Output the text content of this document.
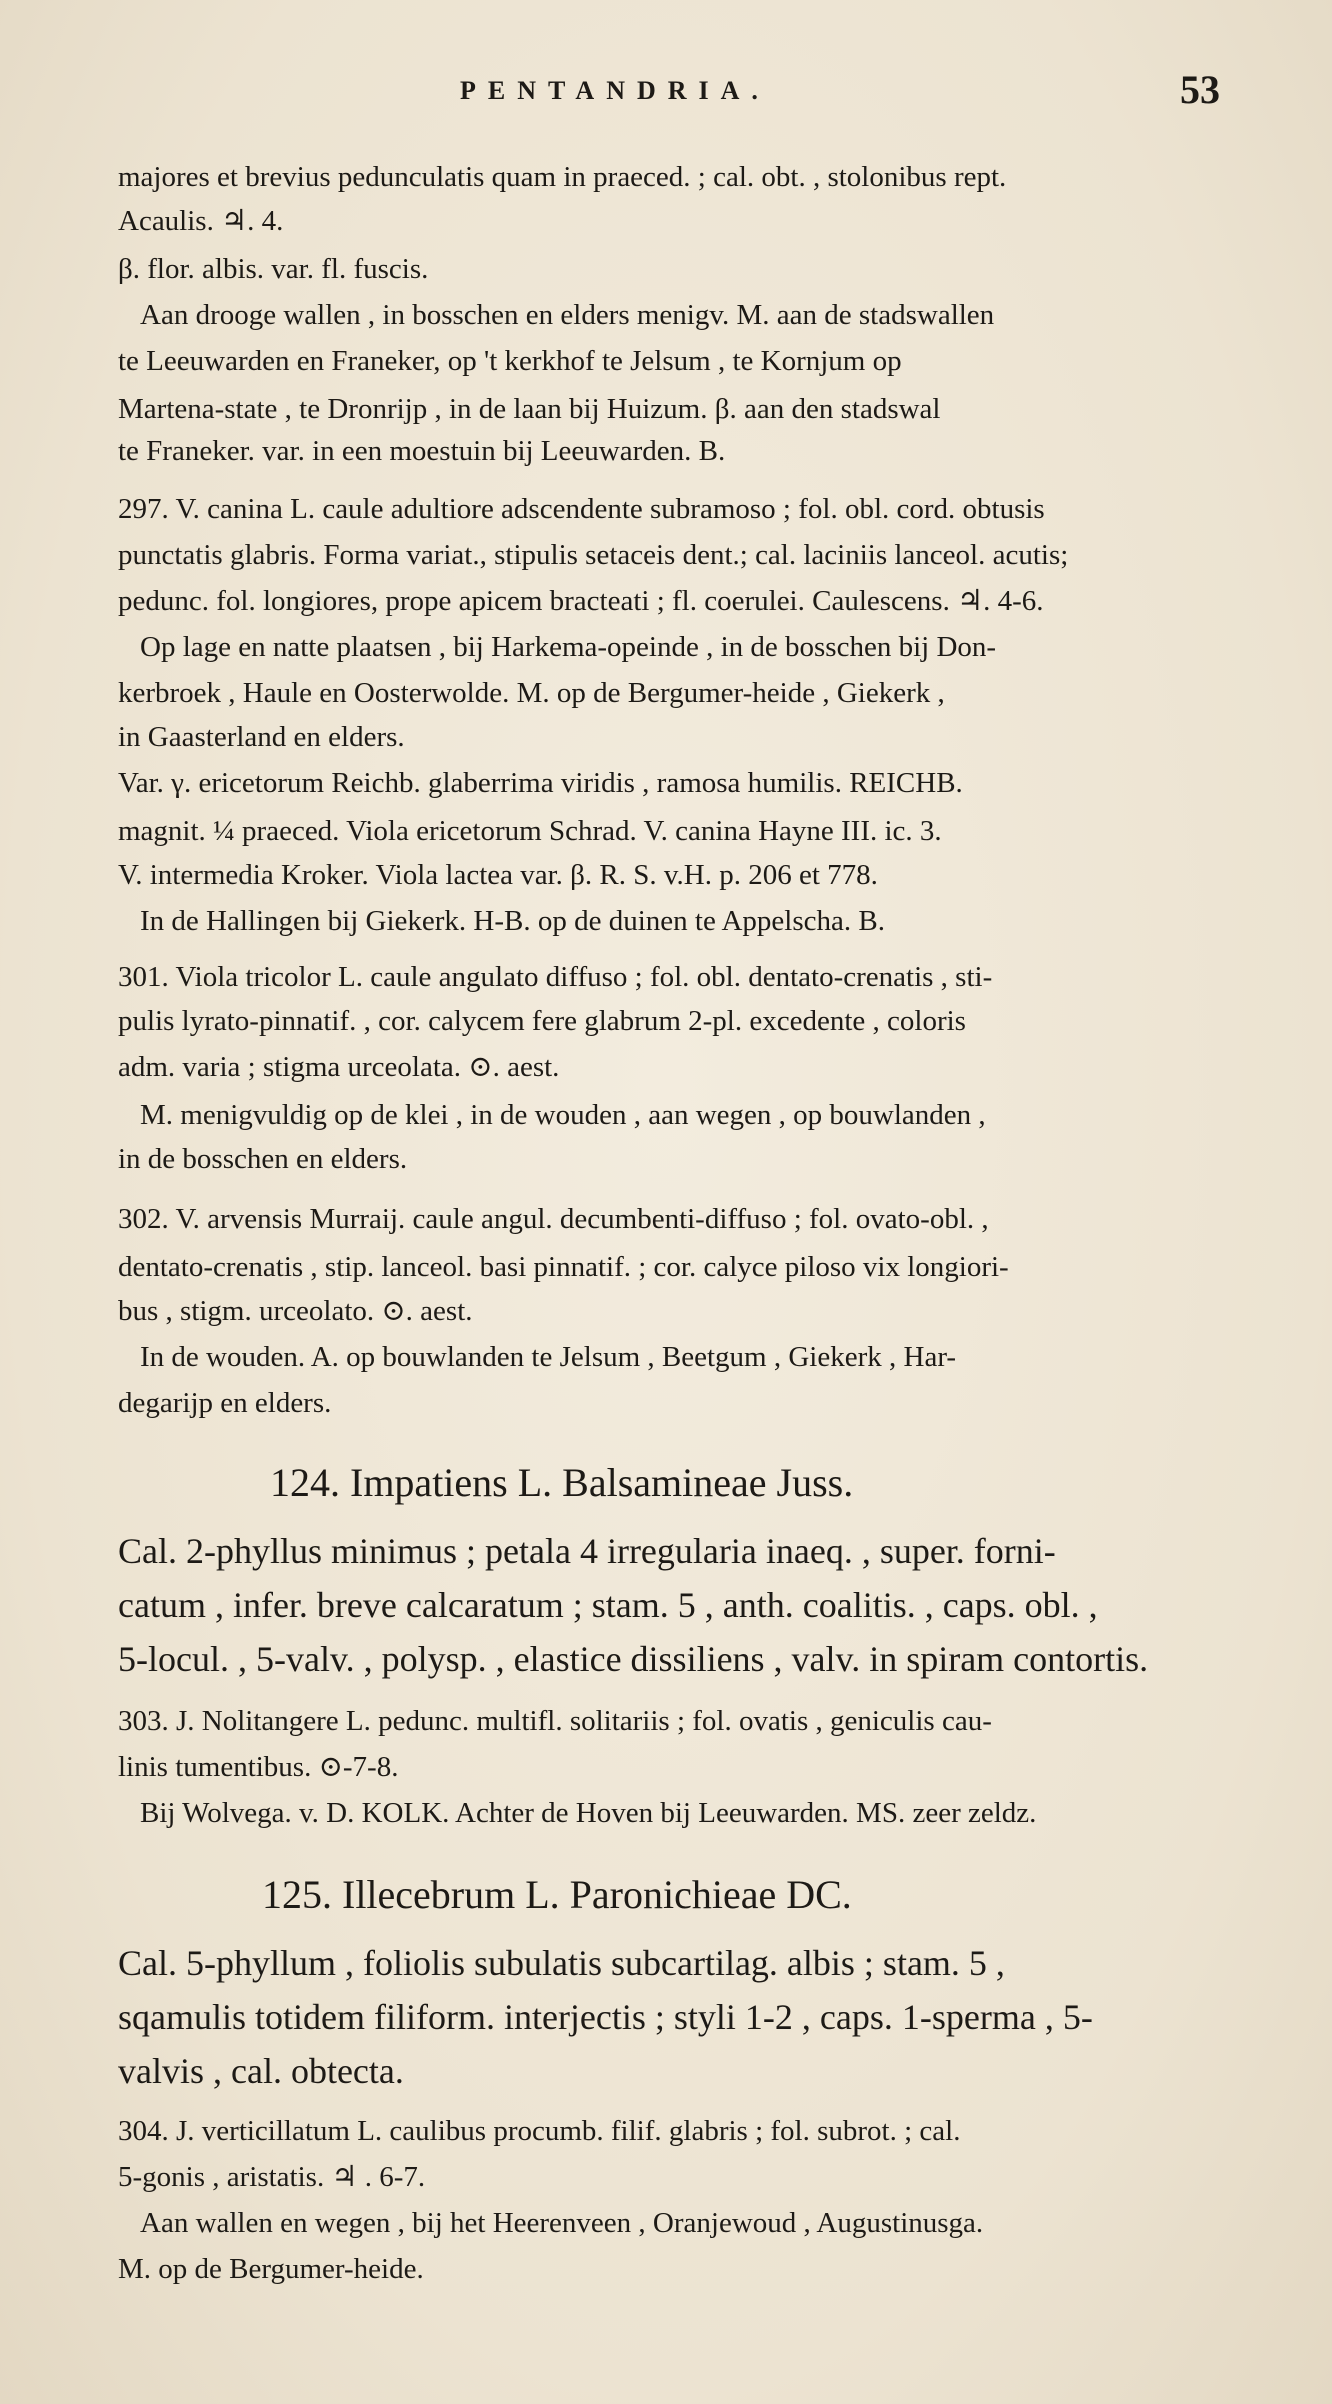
PENTANDRIA.	53
majores et brevius pedunculatis quam in praeced. ; cal. obt. , stolonibus rept.
Acaulis. ♃. 4.
β. flor. albis. var. fl. fuscis.
Aan drooge wallen , in bosschen en elders menigv. M. aan de stadswallen
te Leeuwarden en Franeker, op 't kerkhof te Jelsum , te Kornjum op
Martena-state , te Dronrijp , in de laan bij Huizum. β. aan den stadswal
te Franeker. var. in een moestuin bij Leeuwarden. B.
297. V. canina L. caule adultiore adscendente subramoso ; fol. obl. cord. obtusis
punctatis glabris. Forma variat., stipulis setaceis dent.; cal. laciniis lanceol. acutis;
pedunc. fol. longiores, prope apicem bracteati ; fl. coerulei. Caulescens. ♃. 4-6.
Op lage en natte plaatsen , bij Harkema-opeinde , in de bosschen bij Don-
kerbroek , Haule en Oosterwolde. M. op de Bergumer-heide , Giekerk ,
in Gaasterland en elders.
Var. γ. ericetorum Reichb. glaberrima viridis , ramosa humilis. REICHB.
magnit. ¼ praeced. Viola ericetorum Schrad. V. canina Hayne III. ic. 3.
V. intermedia Kroker. Viola lactea var. β. R. S. v.H. p. 206 et 778.
In de Hallingen bij Giekerk. H-B. op de duinen te Appelscha. B.
301. Viola tricolor L. caule angulato diffuso ; fol. obl. dentato-crenatis , sti-
pulis lyrato-pinnatif. , cor. calycem fere glabrum 2-pl. excedente , coloris
adm. varia ; stigma urceolata. ⊙. aest.
M. menigvuldig op de klei , in de wouden , aan wegen , op bouwlanden ,
in de bosschen en elders.
302. V. arvensis Murraij. caule angul. decumbenti-diffuso ; fol. ovato-obl. ,
dentato-crenatis , stip. lanceol. basi pinnatif. ; cor. calyce piloso vix longiori-
bus , stigm. urceolato. ⊙. aest.
In de wouden. A. op bouwlanden te Jelsum , Beetgum , Giekerk , Har-
degarijp en elders.
124. Impatiens L. Balsamineae Juss.
Cal. 2-phyllus minimus ; petala 4 irregularia inaeq. , super. forni-
catum , infer. breve calcaratum ; stam. 5 , anth. coalitis. , caps. obl. ,
5-locul. , 5-valv. , polysp. , elastice dissiliens , valv. in spiram contortis.
303. J. Nolitangere L. pedunc. multifl. solitariis ; fol. ovatis , geniculis cau-
linis tumentibus. ⊙-7-8.
Bij Wolvega. v. D. KOLK. Achter de Hoven bij Leeuwarden. MS. zeer zeldz.
125. Illecebrum L. Paronichieae DC.
Cal. 5-phyllum , foliolis subulatis subcartilag. albis ; stam. 5 ,
sqamulis totidem filiform. interjectis ; styli 1-2 , caps. 1-sperma , 5-
valvis , cal. obtecta.
304. J. verticillatum L. caulibus procumb. filif. glabris ; fol. subrot. ; cal.
5-gonis , aristatis. ♃ . 6-7.
Aan wallen en wegen , bij het Heerenveen , Oranjewoud , Augustinusga.
M. op de Bergumer-heide.
